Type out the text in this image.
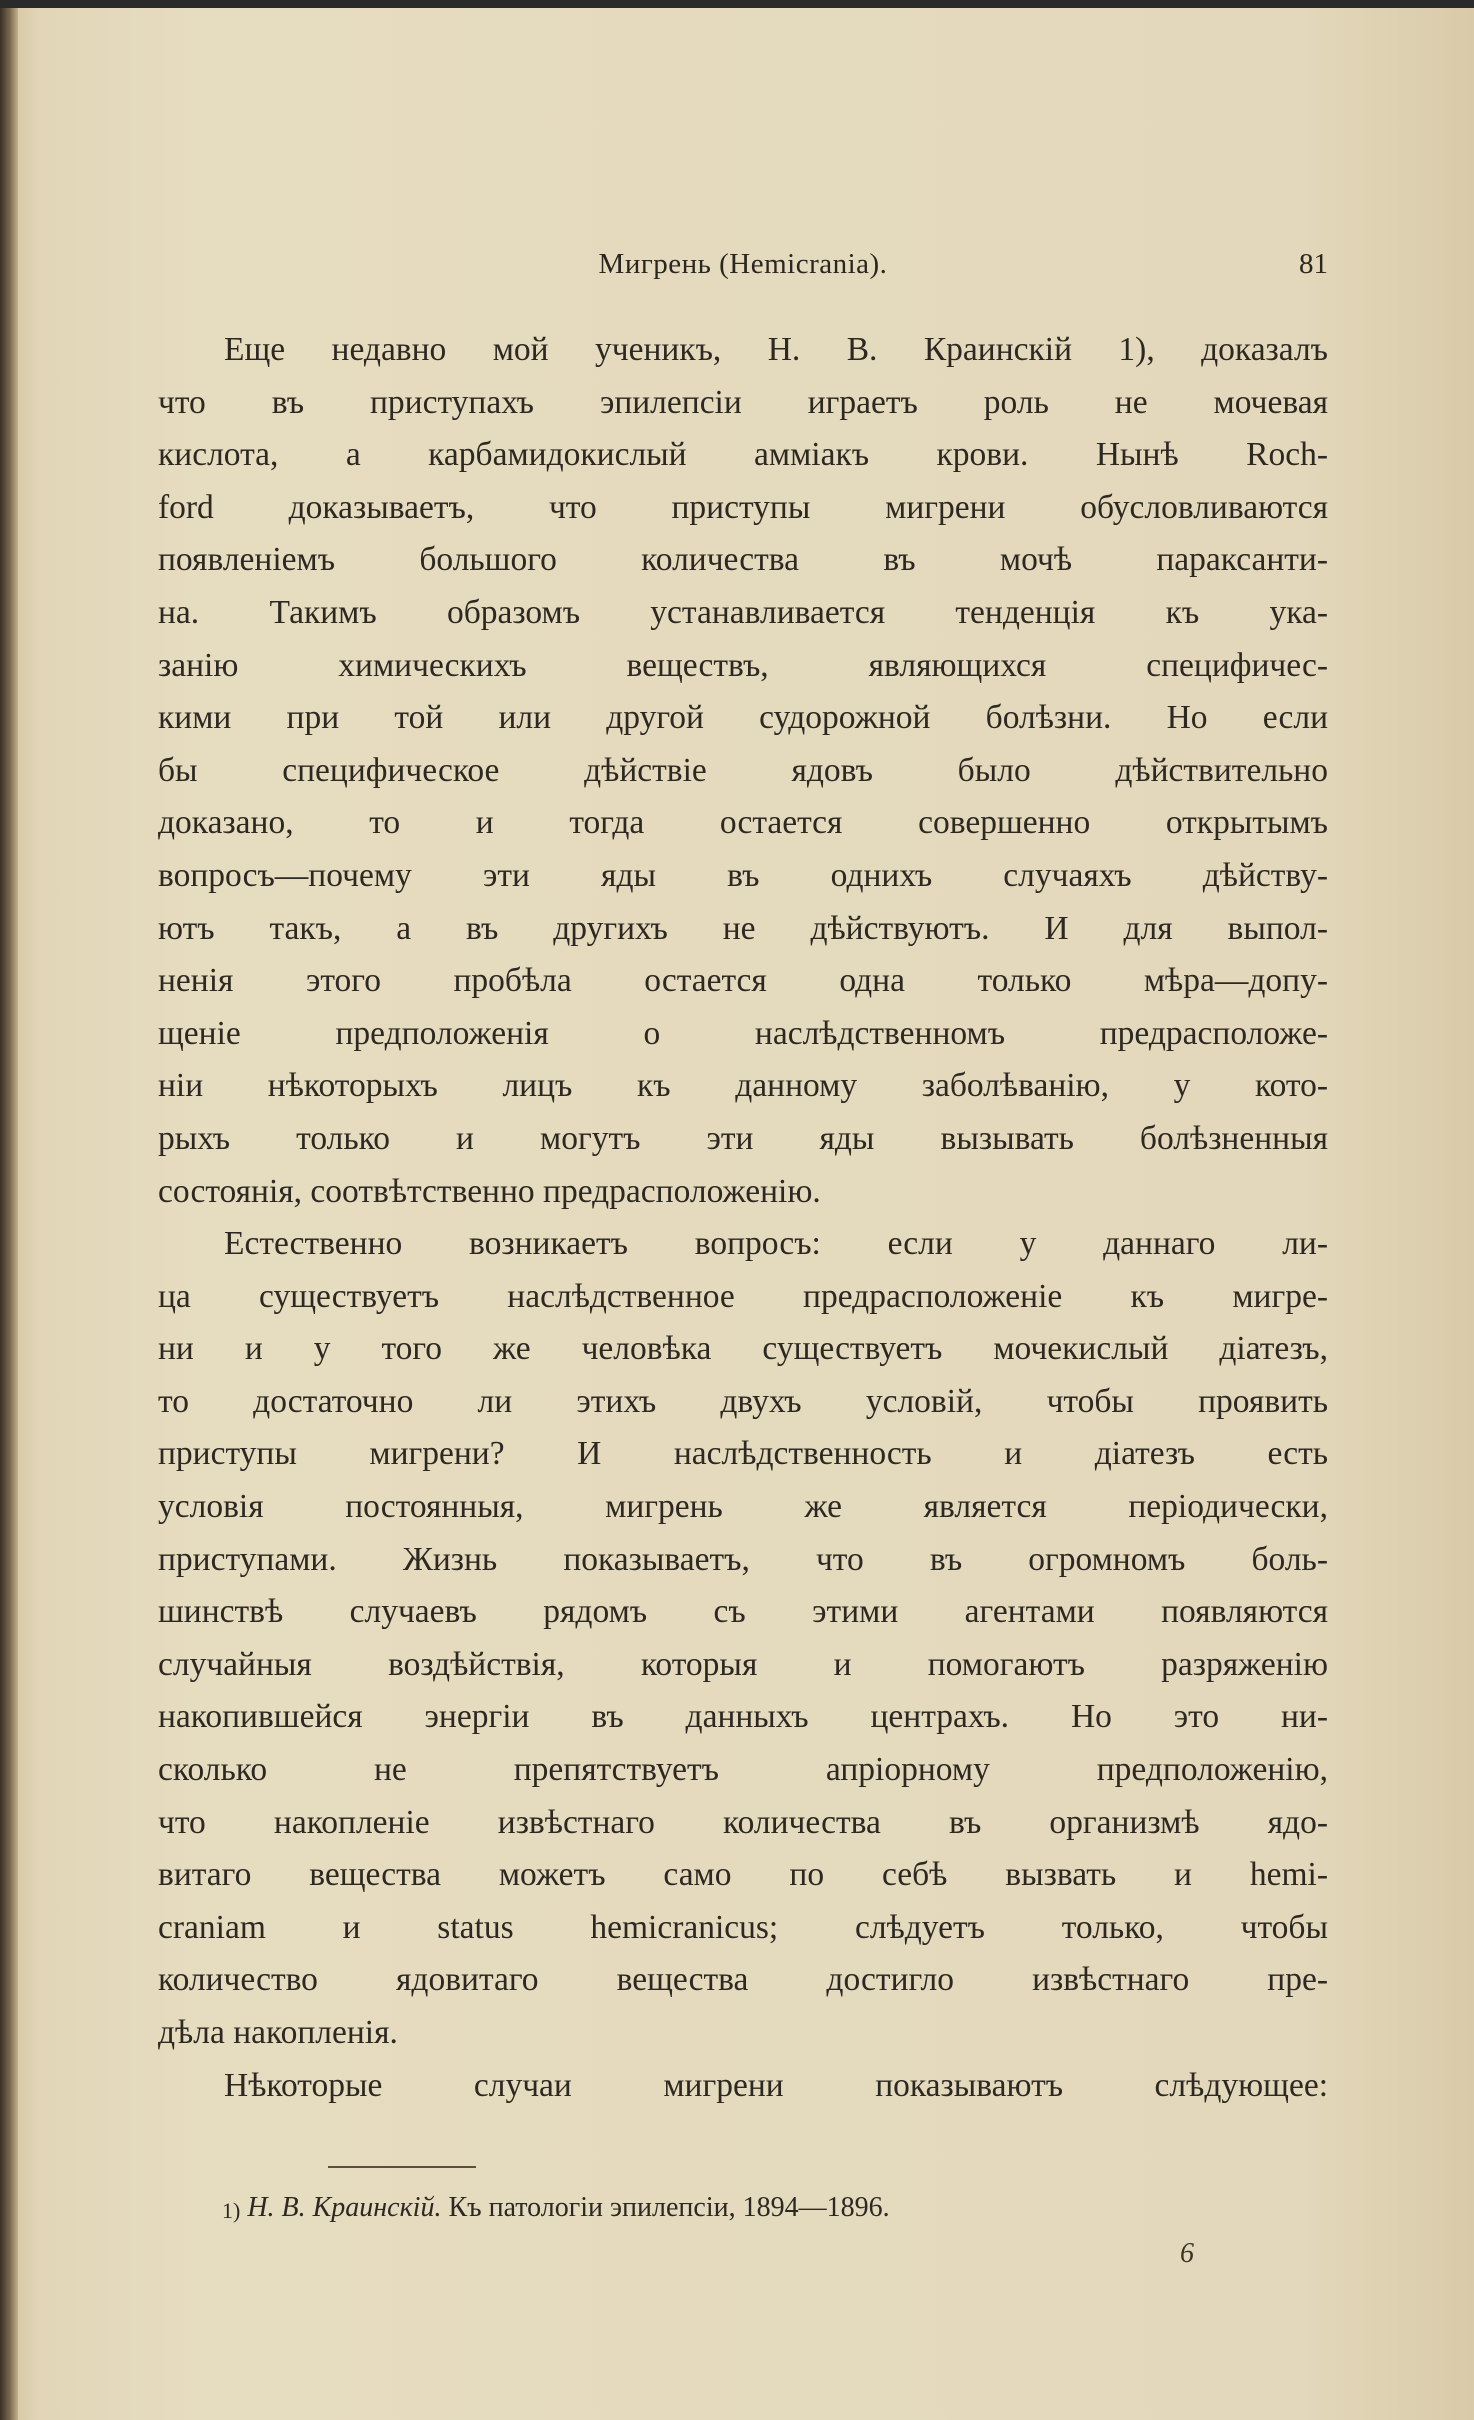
Мигрень (Hemicrania).	81
Еще недавно мой ученикъ, Н. В. Краинскій 1), доказалъ
что въ приступахъ эпилепсіи играетъ роль не мочевая
кислота, а карбамидокислый амміакъ крови. Нынѣ Roch-
ford доказываетъ, что приступы мигрени обусловливаются
появленіемъ большого количества въ мочѣ параксанти-
на. Такимъ образомъ устанавливается тенденція къ ука-
занію химическихъ веществъ, являющихся специфичес-
кими при той или другой судорожной болѣзни. Но если
бы специфическое дѣйствіе ядовъ было дѣйствительно
доказано, то и тогда остается совершенно открытымъ
вопросъ—почему эти яды въ однихъ случаяхъ дѣйству-
ютъ такъ, а въ другихъ не дѣйствуютъ. И для выпол-
ненія этого пробѣла остается одна только мѣра—допу-
щеніе предположенія о наслѣдственномъ предрасположе-
ніи нѣкоторыхъ лицъ къ данному заболѣванію, у кото-
рыхъ только и могутъ эти яды вызывать болѣзненныя
состоянія, соотвѣтственно предрасположенію.
Естественно возникаетъ вопросъ: если у даннаго ли-
ца существуетъ наслѣдственное предрасположеніе къ мигре-
ни и у того же человѣка существуетъ мочекислый діатезъ,
то достаточно ли этихъ двухъ условій, чтобы проявить
приступы мигрени? И наслѣдственность и діатезъ есть
условія постоянныя, мигрень же является періодически,
приступами. Жизнь показываетъ, что въ огромномъ боль-
шинствѣ случаевъ рядомъ съ этими агентами появляются
случайныя воздѣйствія, которыя и помогаютъ разряженію
накопившейся энергіи въ данныхъ центрахъ. Но это ни-
сколько не препятствуетъ апріорному предположенію,
что накопленіе извѣстнаго количества въ организмѣ ядо-
витаго вещества можетъ само по себѣ вызвать и hemi-
craniam и status hemicranicus; слѣдуетъ только, чтобы
количество ядовитаго вещества достигло извѣстнаго пре-
дѣла накопленія.
Нѣкоторые случаи мигрени показываютъ слѣдующее:
1) Н. В. Краинскій. Къ патологіи эпилепсіи, 1894—1896.
6
